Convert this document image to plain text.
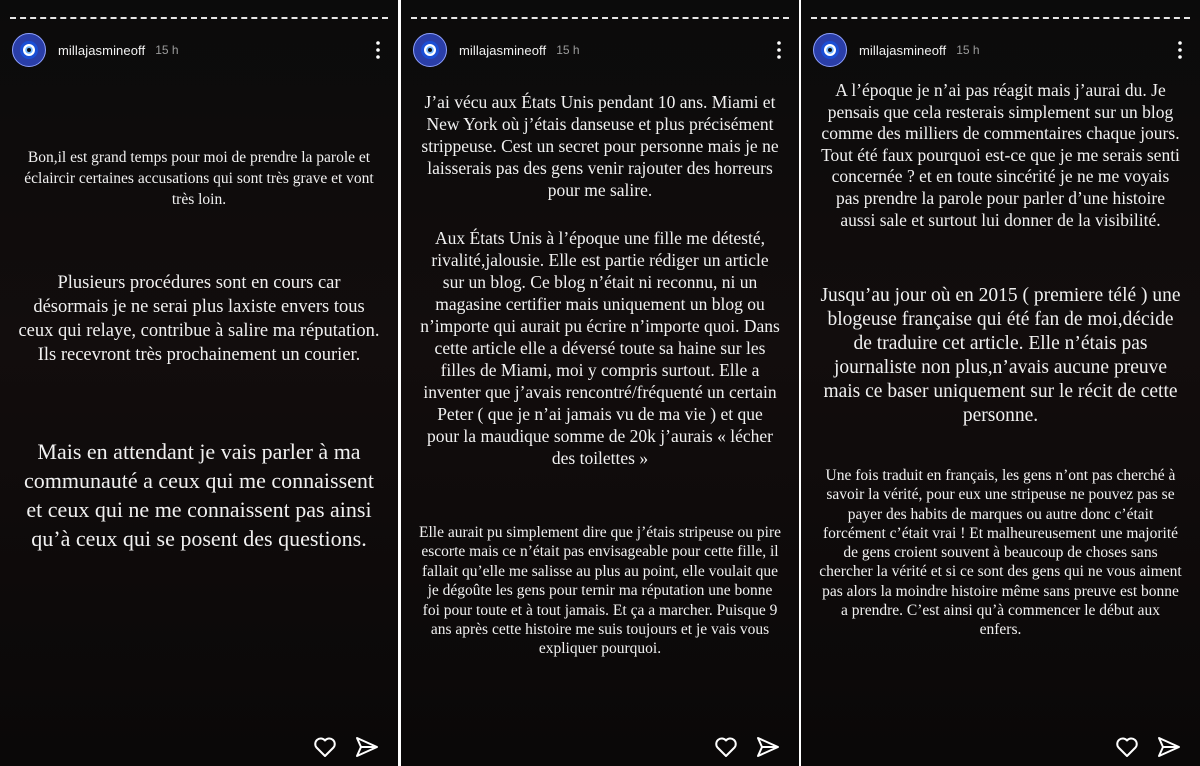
millajasmineoff 15 h
Bon,il est grand temps pour moi de prendre la parole et éclaircir certaines accusations qui sont très grave et vont très loin.
Plusieurs procédures sont en cours car désormais je ne serai plus laxiste envers tous ceux qui relaye, contribue à salire ma réputation. Ils recevront très prochainement un courier.
Mais en attendant je vais parler à ma communauté a ceux qui me connaissent et ceux qui ne me connaissent pas ainsi qu’à ceux qui se posent des questions.
millajasmineoff 15 h
J’ai vécu aux États Unis pendant 10 ans. Miami et New York où j’étais danseuse et plus précisément strippeuse. Cest un secret pour personne mais je ne laisserais pas des gens venir rajouter des horreurs pour me salire.
Aux États Unis à l’époque une fille me détesté, rivalité,jalousie. Elle est partie rédiger un article sur un blog. Ce blog n’était ni reconnu, ni un magasine certifier mais uniquement un blog ou n’importe qui aurait pu écrire n’importe quoi. Dans cette article elle a déversé toute sa haine sur les filles de Miami, moi y compris surtout. Elle a inventer que j’avais rencontré/fréquenté un certain Peter ( que je n’ai jamais vu de ma vie ) et que pour la maudique somme de 20k j’aurais « lécher des toilettes »
Elle aurait pu simplement dire que j’étais stripeuse ou pire escorte mais ce n’était pas envisageable pour cette fille, il fallait qu’elle me salisse au plus au point, elle voulait que je dégoûte les gens pour ternir ma réputation une bonne foi pour toute et à tout jamais. Et ça a marcher. Puisque 9 ans après cette histoire me suis toujours et je vais vous expliquer pourquoi.
millajasmineoff 15 h
A l’époque je n’ai pas réagit mais j’aurai du. Je pensais que cela resterais simplement sur un blog comme des milliers de commentaires chaque jours. Tout été faux pourquoi est-ce que je me serais senti concernée ? et en toute sincérité je ne me voyais pas prendre la parole pour parler d’une histoire aussi sale et surtout lui donner de la visibilité.
Jusqu’au jour où en 2015 ( premiere télé ) une blogeuse française qui été fan de moi,décide de traduire cet article. Elle n’étais pas journaliste non plus,n’avais aucune preuve mais ce baser uniquement sur le récit de cette personne.
Une fois traduit en français, les gens n’ont pas cherché à savoir la vérité, pour eux une stripeuse ne pouvez pas se payer des habits de marques ou autre donc c’était forcément c’était vrai ! Et malheureusement une majorité de gens croient souvent à beaucoup de choses sans chercher la vérité et si ce sont des gens qui ne vous aiment pas alors la moindre histoire même sans preuve est bonne a prendre. C’est ainsi qu’à commencer le début aux enfers.
